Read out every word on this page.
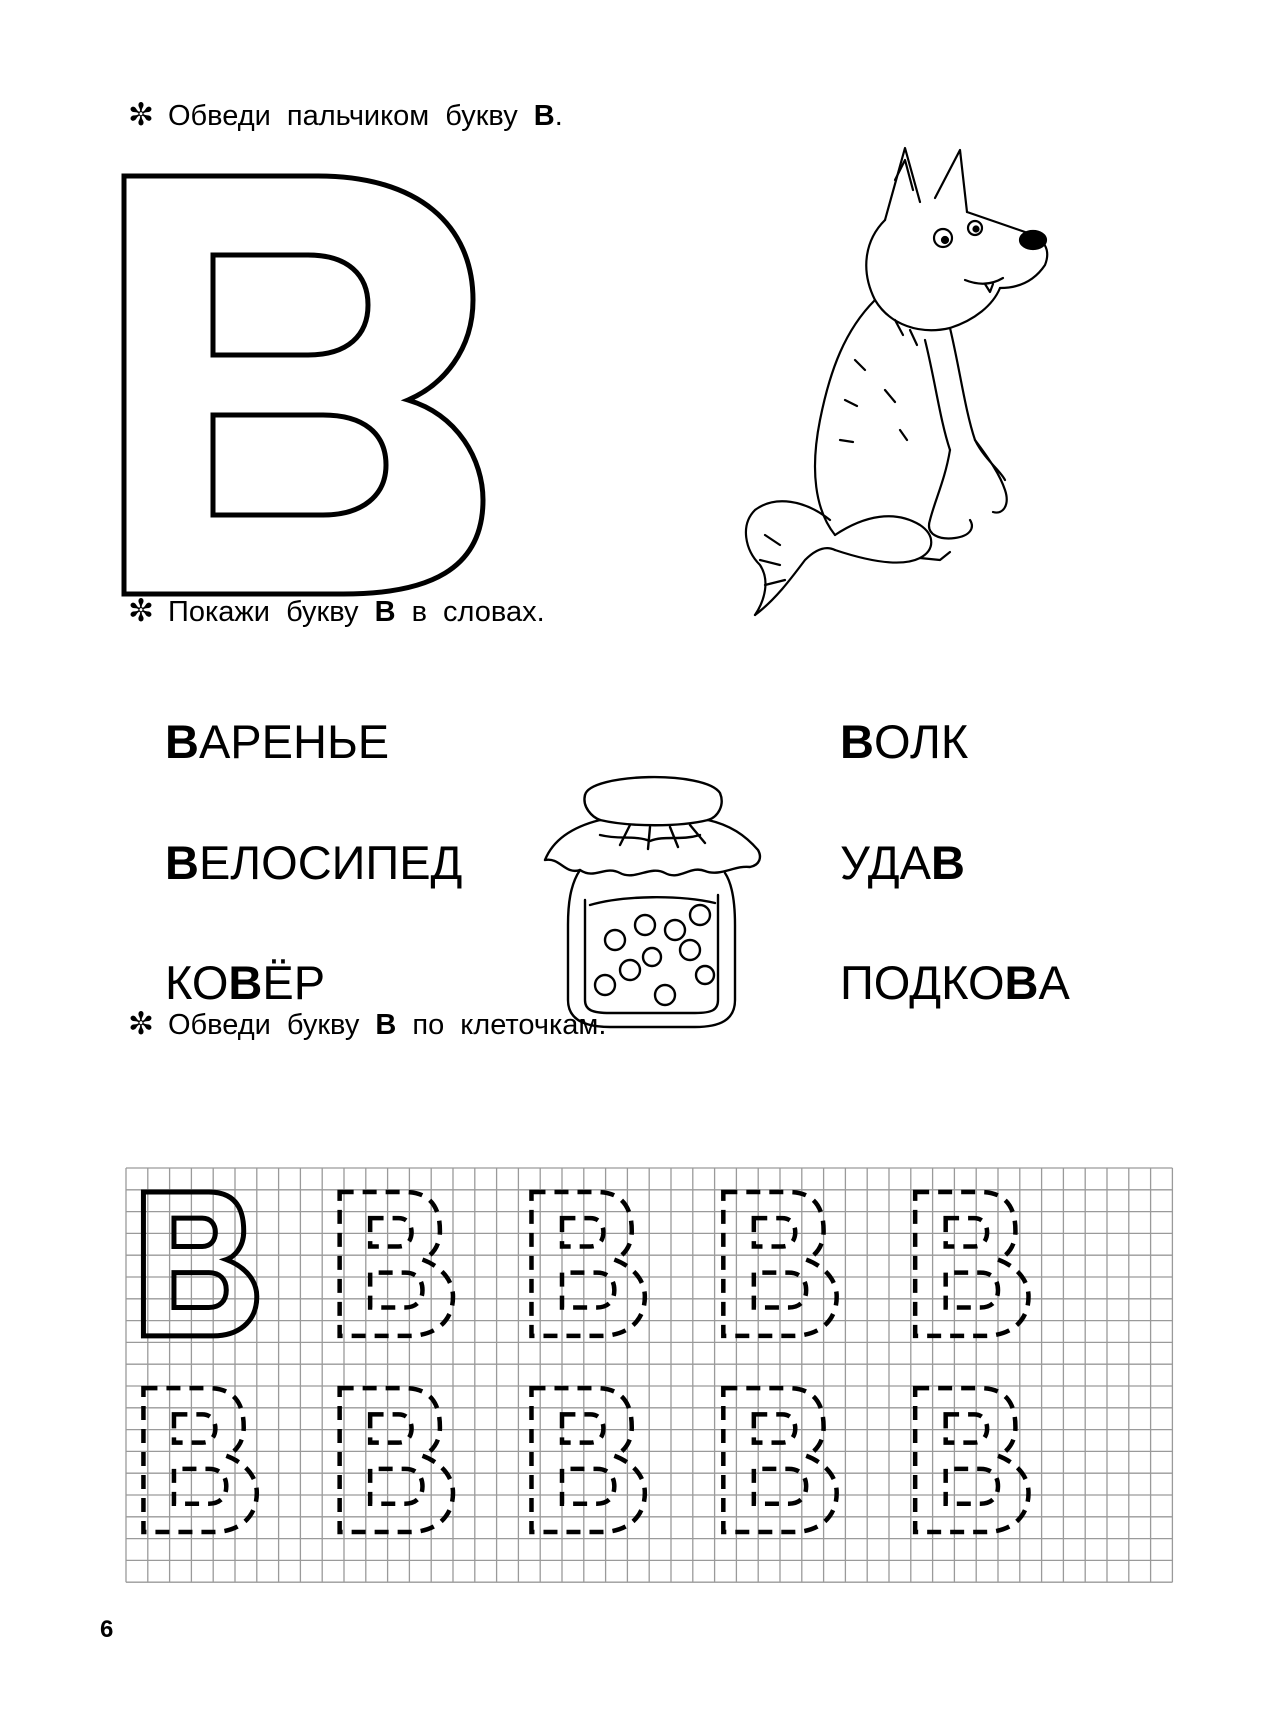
✼ Обведи пальчиком букву В.
✼ Покажи букву В в словах.
ВАРЕНЬЕ
ВЕЛОСИПЕД
КОВЁР
ВОЛК
УДАВ
ПОДКОВА
✼ Обведи букву В по клеточкам.
6
